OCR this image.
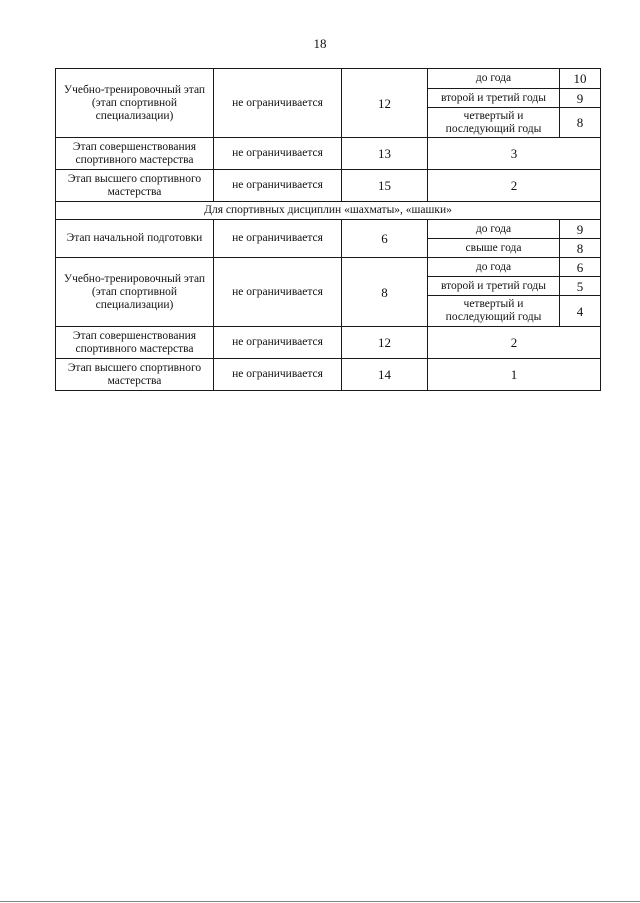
18
Учебно-тренировочный этап (этап спортивной специализации)	не ограничивается	12	до года	10
			второй и третий годы	9
			четвертый и последующий годы	8
Этап совершенствования спортивного мастерства	не ограничивается	13	3	
Этап высшего спортивного мастерства	не ограничивается	15	2	
Для спортивных дисциплин «шахматы», «шашки»				
Этап начальной подготовки	не ограничивается	6	до года	9
			свыше года	8
Учебно-тренировочный этап (этап спортивной специализации)	не ограничивается	8	до года	6
			второй и третий годы	5
			четвертый и последующий годы	4
Этап совершенствования спортивного мастерства	не ограничивается	12	2	
Этап высшего спортивного мастерства	не ограничивается	14	1	
